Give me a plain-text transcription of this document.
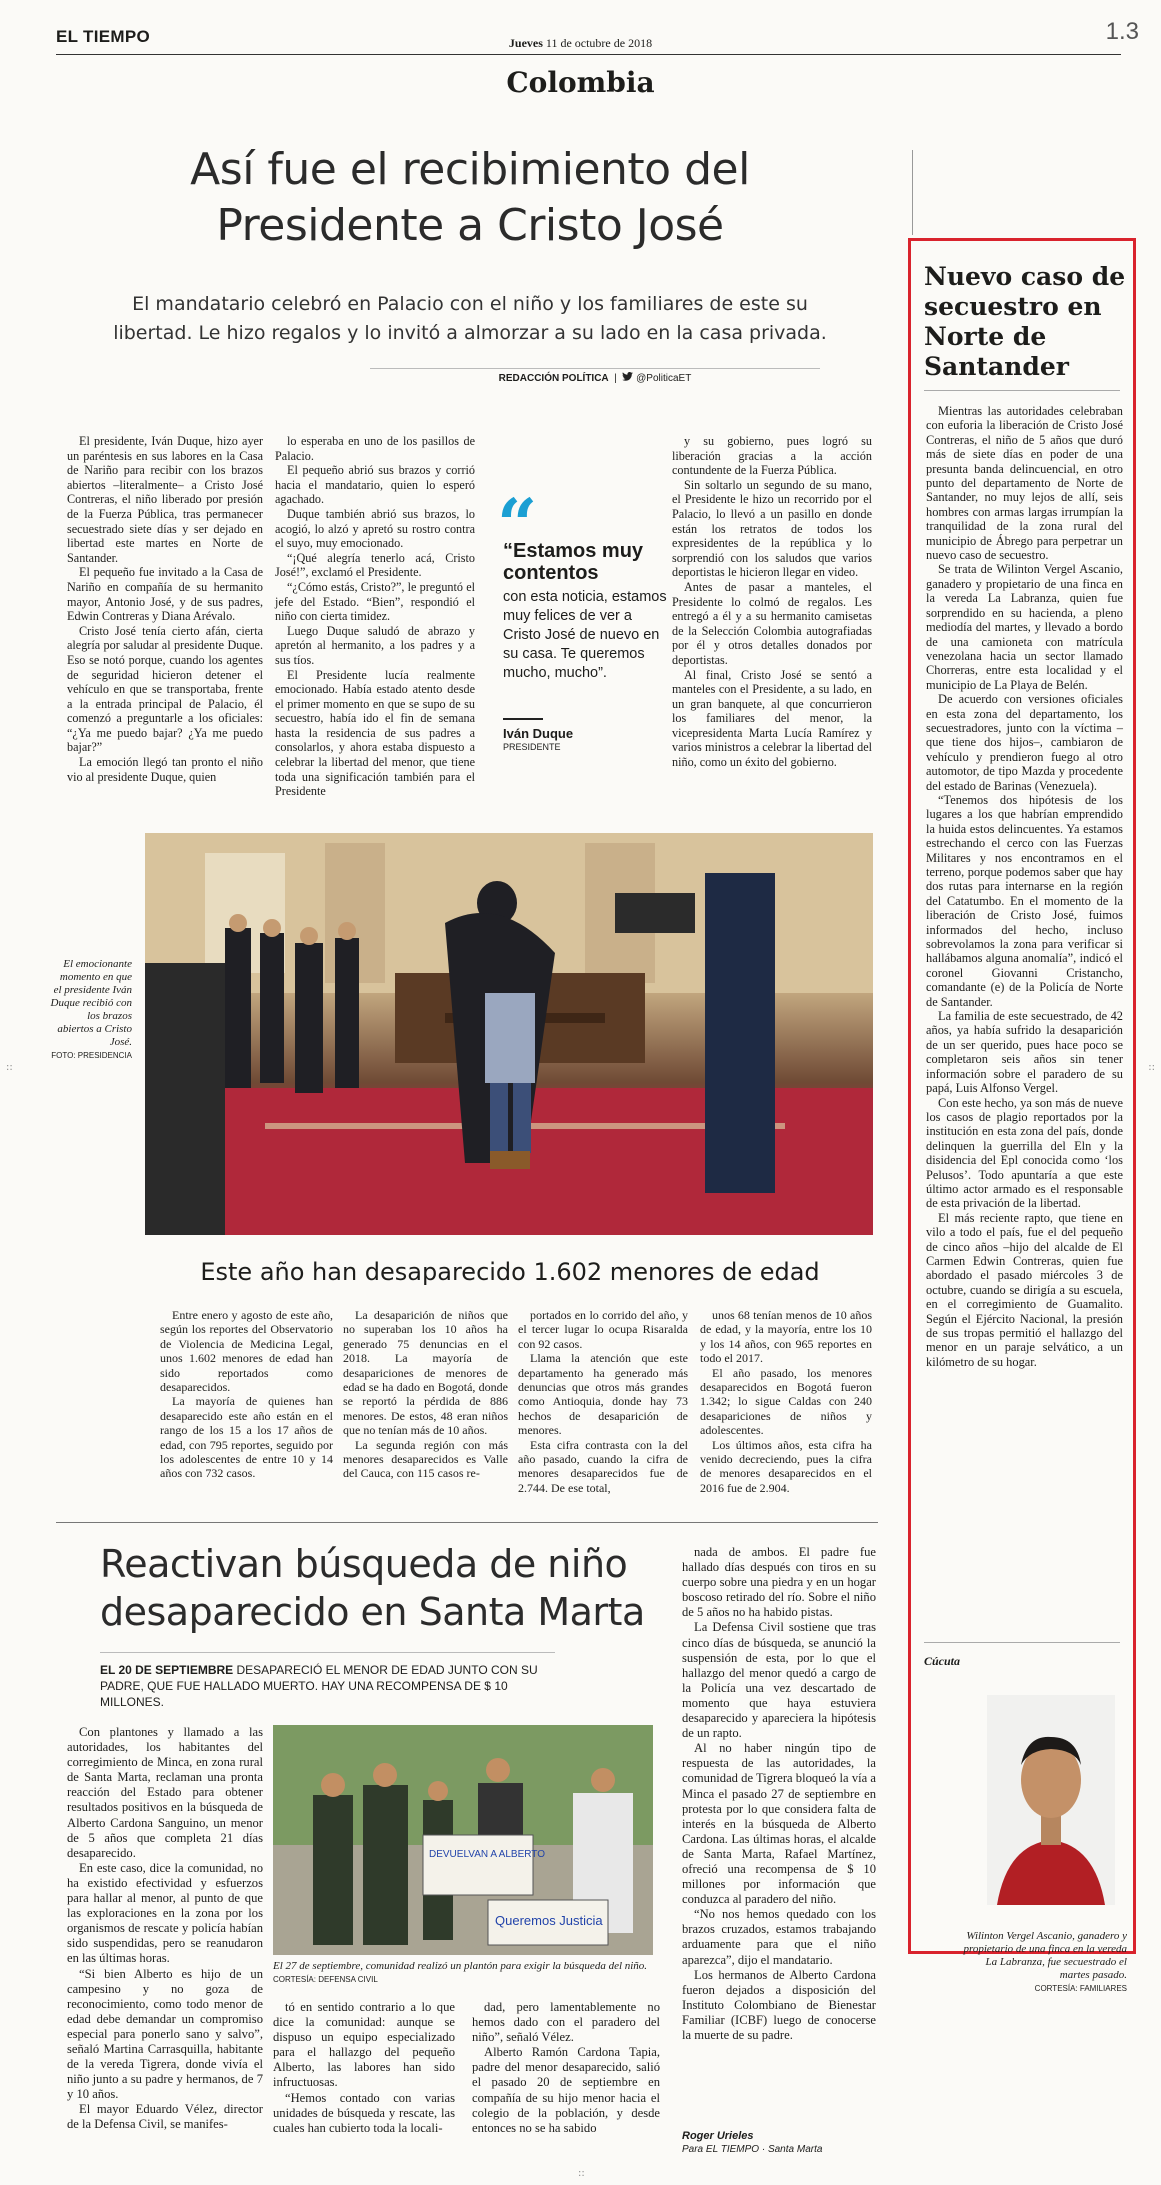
EL TIEMPO	Jueves 11 de octubre de 2018	1.3
Colombia
Así fue el recibimiento del Presidente a Cristo José
El mandatario celebró en Palacio con el niño y los familiares de este su libertad. Le hizo regalos y lo invitó a almorzar a su lado en la casa privada.
REDACCIÓN POLÍTICA  |   @PoliticaET

El presidente, Iván Duque, hizo ayer un paréntesis en sus labores en la Casa de Nariño para recibir con los brazos abiertos –literalmente– a Cristo José Contreras, el niño liberado por presión de la Fuerza Pública, tras permanecer secuestrado siete días y ser dejado en libertad este martes en Norte de Santander.

El pequeño fue invitado a la Casa de Nariño en compañía de su hermanito mayor, Antonio José, y de sus padres, Edwin Contreras y Diana Arévalo.

Cristo José tenía cierto afán, cierta alegría por saludar al presidente Duque. Eso se notó porque, cuando los agentes de seguridad hicieron detener el vehículo en que se transportaba, frente a la entrada principal de Palacio, él comenzó a preguntarle a los oficiales: “¿Ya me puedo bajar? ¿Ya me puedo bajar?”

La emoción llegó tan pronto el niño vio al presidente Duque, quien

lo esperaba en uno de los pasillos de Palacio.

El pequeño abrió sus brazos y corrió hacia el mandatario, quien lo esperó agachado.

Duque también abrió sus brazos, lo acogió, lo alzó y apretó su rostro contra el suyo, muy emocionado.

“¡Qué alegría tenerlo acá, Cristo José!”, exclamó el Presidente.

“¿Cómo estás, Cristo?”, le preguntó el jefe del Estado. “Bien”, respondió el niño con cierta timidez.

Luego Duque saludó de abrazo y apretón al hermanito, a los padres y a sus tíos.

El Presidente lucía realmente emocionado. Había estado atento desde el primer momento en que se supo de su secuestro, había ido el fin de semana hasta la residencia de sus padres a consolarlos, y ahora estaba dispuesto a celebrar la libertad del menor, que tiene toda una significación también para el Presidente

“
“Estamos muy contentos
con esta noticia, estamos muy felices de ver a Cristo José de nuevo en su casa. Te queremos mucho, mucho”.
Iván Duque
PRESIDENTE

y su gobierno, pues logró su liberación gracias a la acción contundente de la Fuerza Pública.

Sin soltarlo un segundo de su mano, el Presidente le hizo un recorrido por el Palacio, lo llevó a un pasillo en donde están los retratos de todos los expresidentes de la república y lo sorprendió con los saludos que varios deportistas le hicieron llegar en video.

Antes de pasar a manteles, el Presidente lo colmó de regalos. Les entregó a él y a su hermanito camisetas de la Selección Colombia autografiadas por él y otros detalles donados por deportistas.

Al final, Cristo José se sentó a manteles con el Presidente, a su lado, en un gran banquete, al que concurrieron los familiares del menor, la vicepresidenta Marta Lucía Ramírez y varios ministros a celebrar la libertad del niño, como un éxito del gobierno.

El emocionante momento en que el presidente Iván Duque recibió con los brazos abiertos a Cristo José.
FOTO: PRESIDENCIA
Este año han desaparecido 1.602 menores de edad

Entre enero y agosto de este año, según los reportes del Observatorio de Violencia de Medicina Legal, unos 1.602 menores de edad han sido reportados como desaparecidos.

La mayoría de quienes han desaparecido este año están en el rango de los 15 a los 17 años de edad, con 795 reportes, seguido por los adolescentes de entre 10 y 14 años con 732 casos.

La desaparición de niños que no superaban los 10 años ha generado 75 denuncias en el 2018. La mayoría de desapariciones de menores de edad se ha dado en Bogotá, donde se reportó la pérdida de 886 menores. De estos, 48 eran niños que no tenían más de 10 años.

La segunda región con más menores desaparecidos es Valle del Cauca, con 115 casos re-

portados en lo corrido del año, y el tercer lugar lo ocupa Risaralda con 92 casos.

Llama la atención que este departamento ha generado más denuncias que otros más grandes como Antioquia, donde hay 73 hechos de desaparición de menores.

Esta cifra contrasta con la del año pasado, cuando la cifra de menores desaparecidos fue de 2.744. De ese total,

unos 68 tenían menos de 10 años de edad, y la mayoría, entre los 10 y los 14 años, con 965 reportes en todo el 2017.

El año pasado, los menores desaparecidos en Bogotá fueron 1.342; lo sigue Caldas con 240 desapariciones de niños y adolescentes.

Los últimos años, esta cifra ha venido decreciendo, pues la cifra de menores desaparecidos en el 2016 fue de 2.904.

Reactivan búsqueda de niño desaparecido en Santa Marta
EL 20 DE SEPTIEMBRE DESAPARECIÓ EL MENOR DE EDAD JUNTO CON SU PADRE, QUE FUE HALLADO MUERTO. HAY UNA RECOMPENSA DE $ 10 MILLONES.

Con plantones y llamado a las autoridades, los habitantes del corregimiento de Minca, en zona rural de Santa Marta, reclaman una pronta reacción del Estado para obtener resultados positivos en la búsqueda de Alberto Cardona Sanguino, un menor de 5 años que completa 21 días desaparecido.

En este caso, dice la comunidad, no ha existido efectividad y esfuerzos para hallar al menor, al punto de que las exploraciones en la zona por los organismos de rescate y policía habían sido suspendidas, pero se reanudaron en las últimas horas.

“Si bien Alberto es hijo de un campesino y no goza de reconocimiento, como todo menor de edad debe demandar un compromiso especial para ponerlo sano y salvo”, señaló Martina Carrasquilla, habitante de la vereda Tigrera, donde vivía el niño junto a su padre y hermanos, de 7 y 10 años.

El mayor Eduardo Vélez, director de la Defensa Civil, se manifes-

DEVUELVAN A ALBERTO
Queremos Justicia
El 27 de septiembre, comunidad realizó un plantón para exigir la búsqueda del niño. CORTESÍA: DEFENSA CIVIL

tó en sentido contrario a lo que dice la comunidad: aunque se dispuso un equipo especializado para el hallazgo del pequeño Alberto, las labores han sido infructuosas.

“Hemos contado con varias unidades de búsqueda y rescate, las cuales han cubierto toda la locali-

dad, pero lamentablemente no hemos dado con el paradero del niño”, señaló Vélez.

Alberto Ramón Cardona Tapia, padre del menor desaparecido, salió el pasado 20 de septiembre en compañía de su hijo menor hacia el colegio de la población, y desde entonces no se ha sabido

nada de ambos. El padre fue hallado días después con tiros en su cuerpo sobre una piedra y en un hogar boscoso retirado del río. Sobre el niño de 5 años no ha habido pistas.

La Defensa Civil sostiene que tras cinco días de búsqueda, se anunció la suspensión de esta, por lo que el hallazgo del menor quedó a cargo de la Policía una vez descartado de momento que haya estuviera desaparecido y apareciera la hipótesis de un rapto.

Al no haber ningún tipo de respuesta de las autoridades, la comunidad de Tigrera bloqueó la vía a Minca el pasado 27 de septiembre en protesta por lo que considera falta de interés en la búsqueda de Alberto Cardona. Las últimas horas, el alcalde de Santa Marta, Rafael Martínez, ofreció una recompensa de $ 10 millones por información que conduzca al paradero del niño.

“No nos hemos quedado con los brazos cruzados, estamos trabajando arduamente para que el niño aparezca”, dijo el mandatario.

Los hermanos de Alberto Cardona fueron dejados a disposición del Instituto Colombiano de Bienestar Familiar (ICBF) luego de conocerse la muerte de su padre.

Roger Urieles
Para EL TIEMPO · Santa Marta
Nuevo caso de secuestro en Norte de Santander

Mientras las autoridades celebraban con euforia la liberación de Cristo José Contreras, el niño de 5 años que duró más de siete días en poder de una presunta banda delincuencial, en otro punto del departamento de Norte de Santander, no muy lejos de allí, seis hombres con armas largas irrumpían la tranquilidad de la zona rural del municipio de Ábrego para perpetrar un nuevo caso de secuestro.

Se trata de Wilinton Vergel Ascanio, ganadero y propietario de una finca en la vereda La Labranza, quien fue sorprendido en su hacienda, a pleno mediodía del martes, y llevado a bordo de una camioneta con matrícula venezolana hacia un sector llamado Chorreras, entre esta localidad y el municipio de La Playa de Belén.

De acuerdo con versiones oficiales en esta zona del departamento, los secuestradores, junto con la víctima –que tiene dos hijos–, cambiaron de vehículo y prendieron fuego al otro automotor, de tipo Mazda y procedente del estado de Barinas (Venezuela).

“Tenemos dos hipótesis de los lugares a los que habrían emprendido la huida estos delincuentes. Ya estamos estrechando el cerco con las Fuerzas Militares y nos encontramos en el terreno, porque podemos saber que hay dos rutas para internarse en la región del Catatumbo. En el momento de la liberación de Cristo José, fuimos informados del hecho, incluso sobrevolamos la zona para verificar si hallábamos alguna anomalía”, indicó el coronel Giovanni Cristancho, comandante (e) de la Policía de Norte de Santander.

La familia de este secuestrado, de 42 años, ya había sufrido la desaparición de un ser querido, pues hace poco se completaron seis años sin tener información sobre el paradero de su papá, Luis Alfonso Vergel.

Con este hecho, ya son más de nueve los casos de plagio reportados por la institución en esta zona del país, donde delinquen la guerrilla del Eln y la disidencia del Epl conocida como ‘los Pelusos’. Todo apuntaría a que este último actor armado es el responsable de esta privación de la libertad.

El más reciente rapto, que tiene en vilo a todo el país, fue el del pequeño de cinco años –hijo del alcalde de El Carmen Edwin Contreras, quien fue abordado el pasado miércoles 3 de octubre, cuando se dirigía a su escuela, en el corregimiento de Guamalito. Según el Ejército Nacional, la presión de sus tropas permitió el hallazgo del menor en un paraje selvático, a un kilómetro de su hogar.

Cúcuta
Wilinton Vergel Ascanio, ganadero y propietario de una finca en la vereda La Labranza, fue secuestrado el martes pasado.
CORTESÍA: FAMILIARES
::	::
::
